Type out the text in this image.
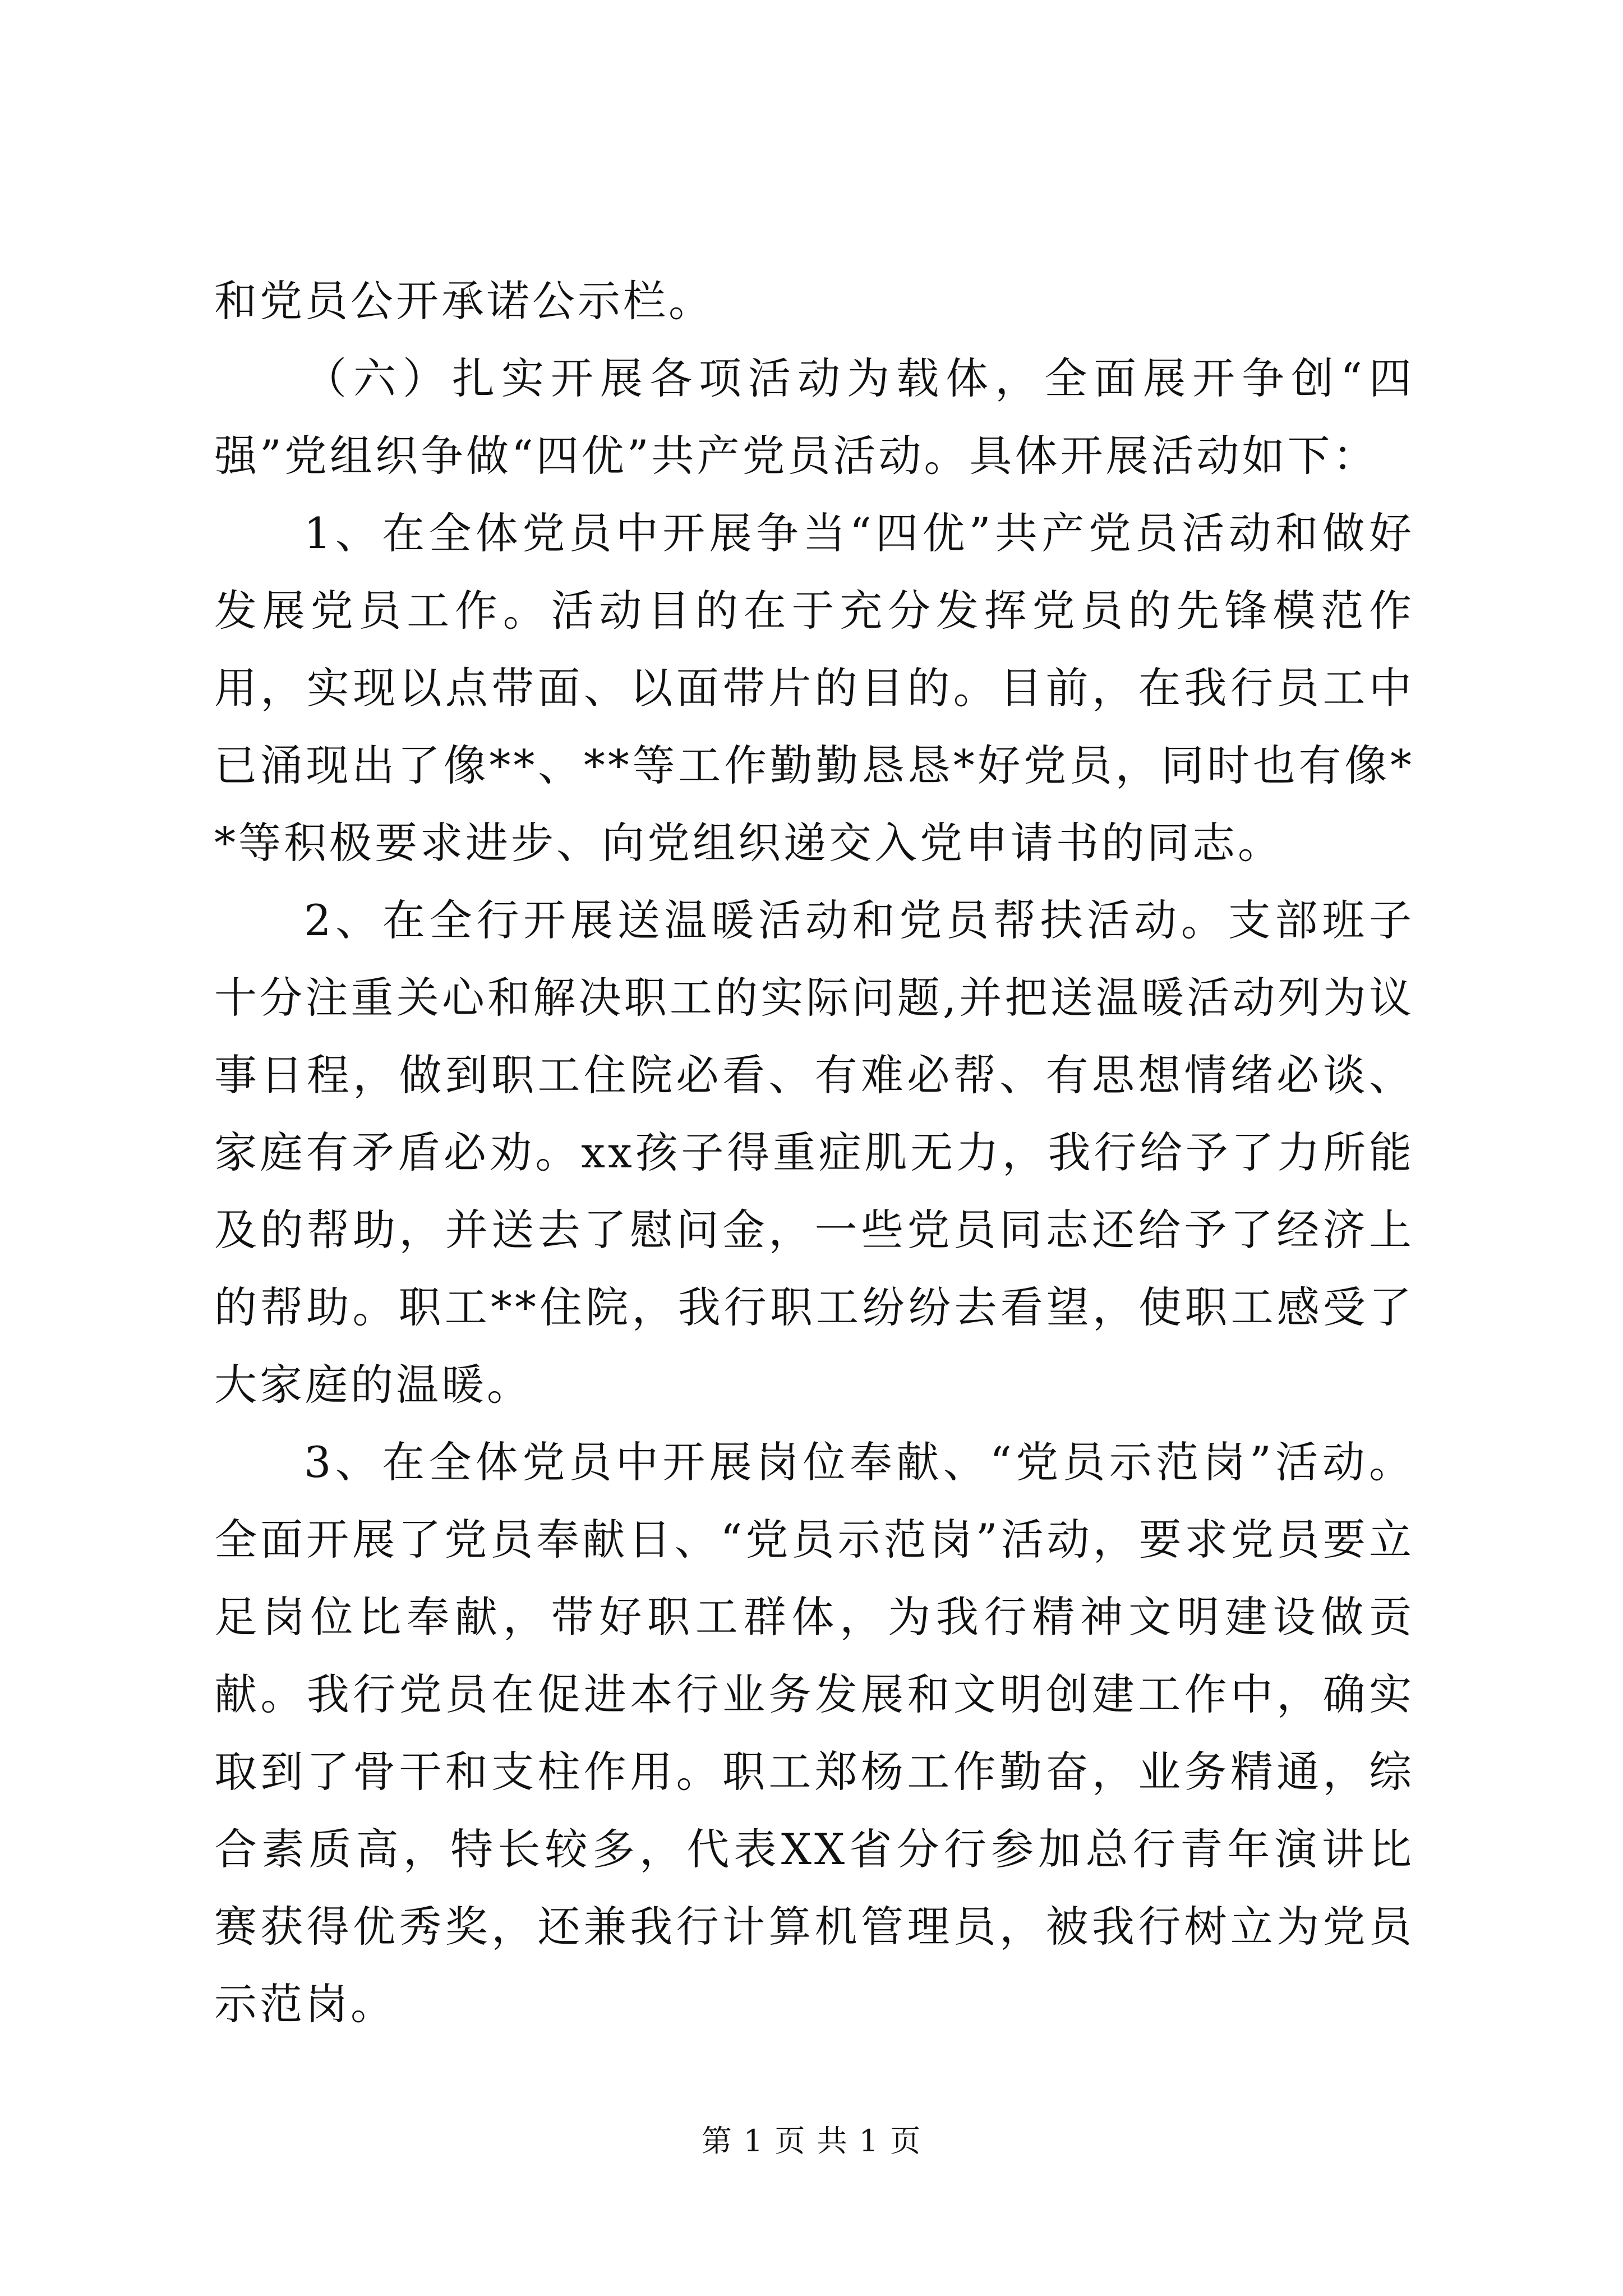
和党员公开承诺公示栏。

（六）扎实开展各项活动为载体，全面展开争创“四强”党组织争做“四优”共产党员活动。具体开展活动如下：

1、在全体党员中开展争当“四优”共产党员活动和做好发展党员工作。活动目的在于充分发挥党员的先锋模范作用，实现以点带面、以面带片的目的。目前，在我行员工中已涌现出了像**、**等工作勤勤恳恳*好党员，同时也有像**等积极要求进步、向党组织递交入党申请书的同志。

2、在全行开展送温暖活动和党员帮扶活动。支部班子十分注重关心和解决职工的实际问题,并把送温暖活动列为议事日程，做到职工住院必看、有难必帮、有思想情绪必谈、家庭有矛盾必劝。xx孩子得重症肌无力，我行给予了力所能及的帮助，并送去了慰问金，一些党员同志还给予了经济上的帮助。职工**住院，我行职工纷纷去看望，使职工感受了大家庭的温暖。

3、在全体党员中开展岗位奉献、“党员示范岗”活动。全面开展了党员奉献日、“党员示范岗”活动，要求党员要立足岗位比奉献，带好职工群体，为我行精神文明建设做贡献。我行党员在促进本行业务发展和文明创建工作中，确实取到了骨干和支柱作用。职工郑杨工作勤奋，业务精通，综合素质高，特长较多，代表XX省分行参加总行青年演讲比赛获得优秀奖，还兼我行计算机管理员，被我行树立为党员示范岗。

第 1 页 共 1 页
